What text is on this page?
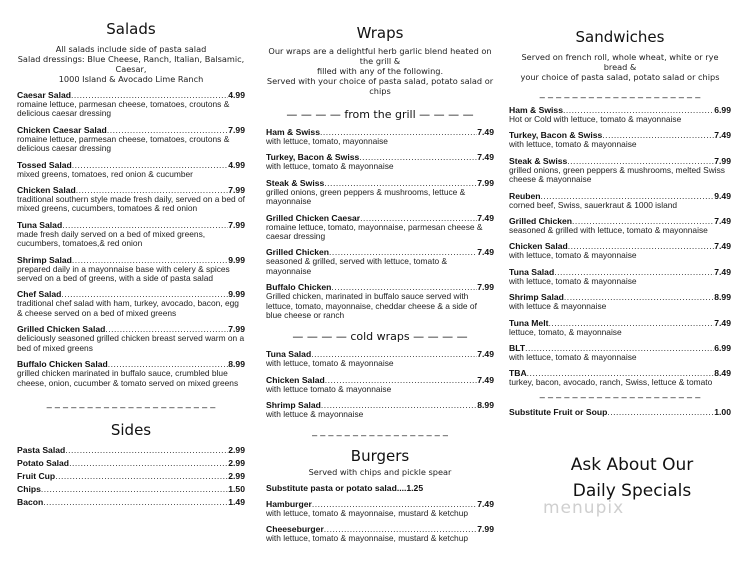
Salads
All salads include side of pasta salad
Salad dressings: Blue Cheese, Ranch, Italian, Balsamic, Caesar,
1000 Island & Avocado Lime Ranch
Caesar Salad .....	4.99
romaine lettuce, parmesan cheese, tomatoes, croutons & delicious caesar dressing
Chicken Caesar Salad .....	7.99
romaine lettuce, parmesan cheese, tomatoes, croutons & delicious caesar dressing
Tossed Salad .....	4.99
mixed greens, tomatoes, red onion & cucumber
Chicken Salad .....	7.99
traditional southern style made fresh daily, served on a bed of mixed greens, cucumbers, tomatoes & red onion
Tuna Salad .....	7.99
made fresh daily served on a bed of mixed greens, cucumbers, tomatoes,& red onion
Shrimp Salad .....	9.99
prepared daily in a mayonnaise base with celery & spices served on a bed of greens, with a side of pasta salad
Chef Salad .....	9.99
traditional chef salad with ham, turkey, avocado, bacon, egg & cheese served on a bed of mixed greens
Grilled Chicken Salad .....	7.99
deliciously seasoned grilled chicken breast served warm on a bed of mixed greens
Buffalo Chicken Salad .....	8.99
grilled chicken marinated in buffalo sauce, crumbled blue cheese, onion, cucumber & tomato served on mixed greens
_ _ _ _ _ _ _ _ _ _ _ _ _ _ _ _ _ _ _ _ _
Sides
Pasta Salad .....	2.99
Potato Salad .....	2.99
Fruit Cup .....	2.99
Chips .....	1.50
Bacon .....	1.49
Wraps
Our wraps are a delightful herb garlic blend heated on the grill &
filled with any of the following.
Served with your choice of pasta salad, potato salad or chips
— — — — from the grill — — — —
Ham & Swiss .....	7.49
with lettuce, tomato, mayonnaise
Turkey, Bacon & Swiss .....	7.49
with lettuce, tomato & mayonnaise
Steak & Swiss .....	7.99
grilled onions, green peppers & mushrooms, lettuce & mayonnaise
Grilled Chicken Caesar .....	7.49
romaine lettuce, tomato, mayonnaise, parmesan cheese & caesar dressing
Grilled Chicken .....	7.49
seasoned & grilled, served with lettuce, tomato & mayonnaise
Buffalo Chicken .....	7.99
Grilled chicken, marinated in buffalo sauce served with lettuce, tomato, mayonnaise, cheddar cheese & a side of blue cheese or ranch
— — — — cold wraps — — — —
Tuna Salad .....	7.49
with lettuce, tomato & mayonnaise
Chicken Salad .....	7.49
with lettuce tomato & mayonnaise
Shrimp Salad .....	8.99
with lettuce & mayonnaise
_ _ _ _ _ _ _ _ _ _ _ _ _ _ _ _ _
Burgers
Served with chips and pickle spear
Substitute pasta or potato salad....1.25
Hamburger .....	7.49
with lettuce, tomato & mayonnaise, mustard & ketchup
Cheeseburger .....	7.99
with lettuce, tomato & mayonnaise, mustard & ketchup
Sandwiches
Served on french roll, whole wheat, white or rye bread &
your choice of pasta salad, potato salad or chips
_ _ _ _ _ _ _ _ _ _ _ _ _ _ _ _ _ _ _ _
Ham & Swiss .....	6.99
Hot or Cold with lettuce, tomato & mayonnaise
Turkey, Bacon & Swiss .....	7.49
with lettuce, tomato & mayonnaise
Steak & Swiss .....	7.99
grilled onions, green peppers & mushrooms, melted Swiss cheese & mayonnaise
Reuben .....	9.49
corned beef, Swiss, sauerkraut & 1000 island
Grilled Chicken .....	7.49
seasoned & grilled with lettuce, tomato & mayonnaise
Chicken Salad .....	7.49
with lettuce, tomato & mayonnaise
Tuna Salad .....	7.49
with lettuce, tomato & mayonnaise
Shrimp Salad .....	8.99
with lettuce & mayonnaise
Tuna Melt .....	7.49
lettuce, tomato, & mayonnaise
BLT .....	6.99
with lettuce, tomato & mayonnaise
TBA .....	8.49
turkey, bacon, avocado, ranch, Swiss, lettuce & tomato
_ _ _ _ _ _ _ _ _ _ _ _ _ _ _ _ _ _ _ _
Substitute Fruit or Soup .....	1.00
Ask About Our
Daily Specials
menupix
